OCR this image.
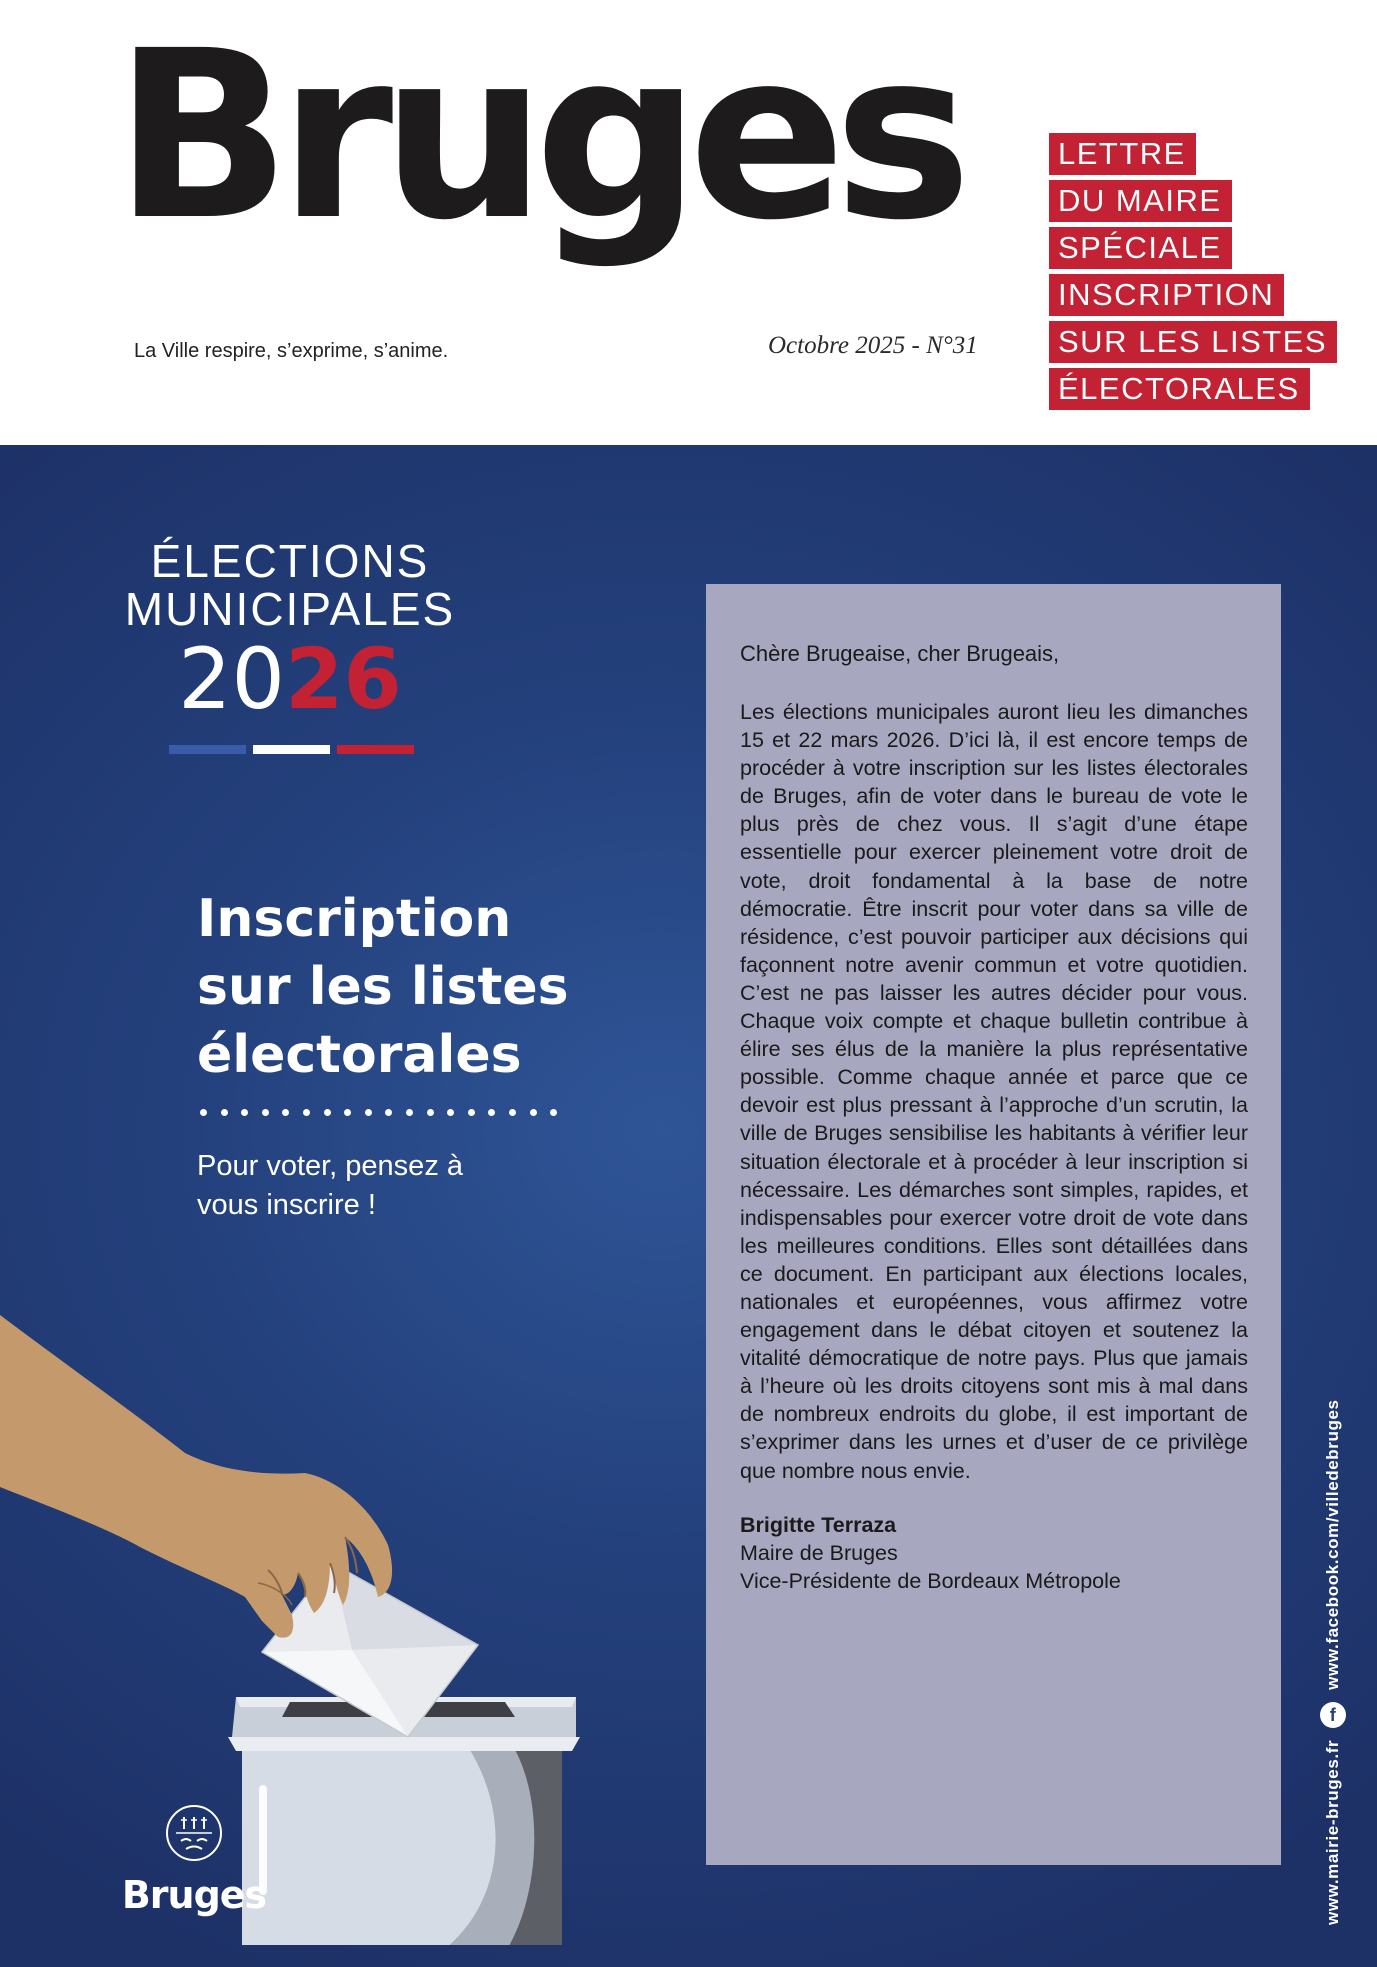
Bruges
La Ville respire, s’exprime, s’anime.	Octobre 2025 - N°31
LETTRE
DU MAIRE
SPÉCIALE
INSCRIPTION
SUR LES LISTES
ÉLECTORALES
ÉLECTIONS
MUNICIPALES
2026
Inscription
sur les listes
électorales
Pour voter, pensez à
vous inscrire !

Chère Brugeaise, cher Brugeais,

Les élections municipales auront lieu les dimanches 15 et 22 mars 2026. D’ici là, il est encore temps de procéder à votre inscription sur les listes électorales de Bruges, afin de voter dans le bureau de vote le plus près de chez vous. Il s’agit d’une étape essentielle pour exercer pleinement votre droit de vote, droit fondamental à la base de notre démocratie. Être inscrit pour voter dans sa ville de résidence, c’est pouvoir participer aux décisions qui façonnent notre avenir commun et votre quotidien. C’est ne pas laisser les autres décider pour vous. Chaque voix compte et chaque bulletin contribue à élire ses élus de la manière la plus représentative possible. Comme chaque année et parce que ce devoir est plus pressant à l’approche d’un scrutin, la ville de Bruges sensibilise les habitants à vérifier leur situation électorale et à procéder à leur inscription si nécessaire. Les démarches sont simples, rapides, et indispensables pour exercer votre droit de vote dans les meilleures conditions. Elles sont détaillées dans ce document. En participant aux élections locales, nationales et européennes, vous affirmez votre engagement dans le débat citoyen et soutenez la vitalité démocratique de notre pays. Plus que jamais à l’heure où les droits citoyens sont mis à mal dans de nombreux endroits du globe, il est important de s’exprimer dans les urnes et d’user de ce privilège que nombre nous envie.

Brigitte Terraza

Maire de Bruges

Vice-Présidente de Bordeaux Métropole

www.mairie-bruges.fr
f
www.facebook.com/villedebruges
Bruges
